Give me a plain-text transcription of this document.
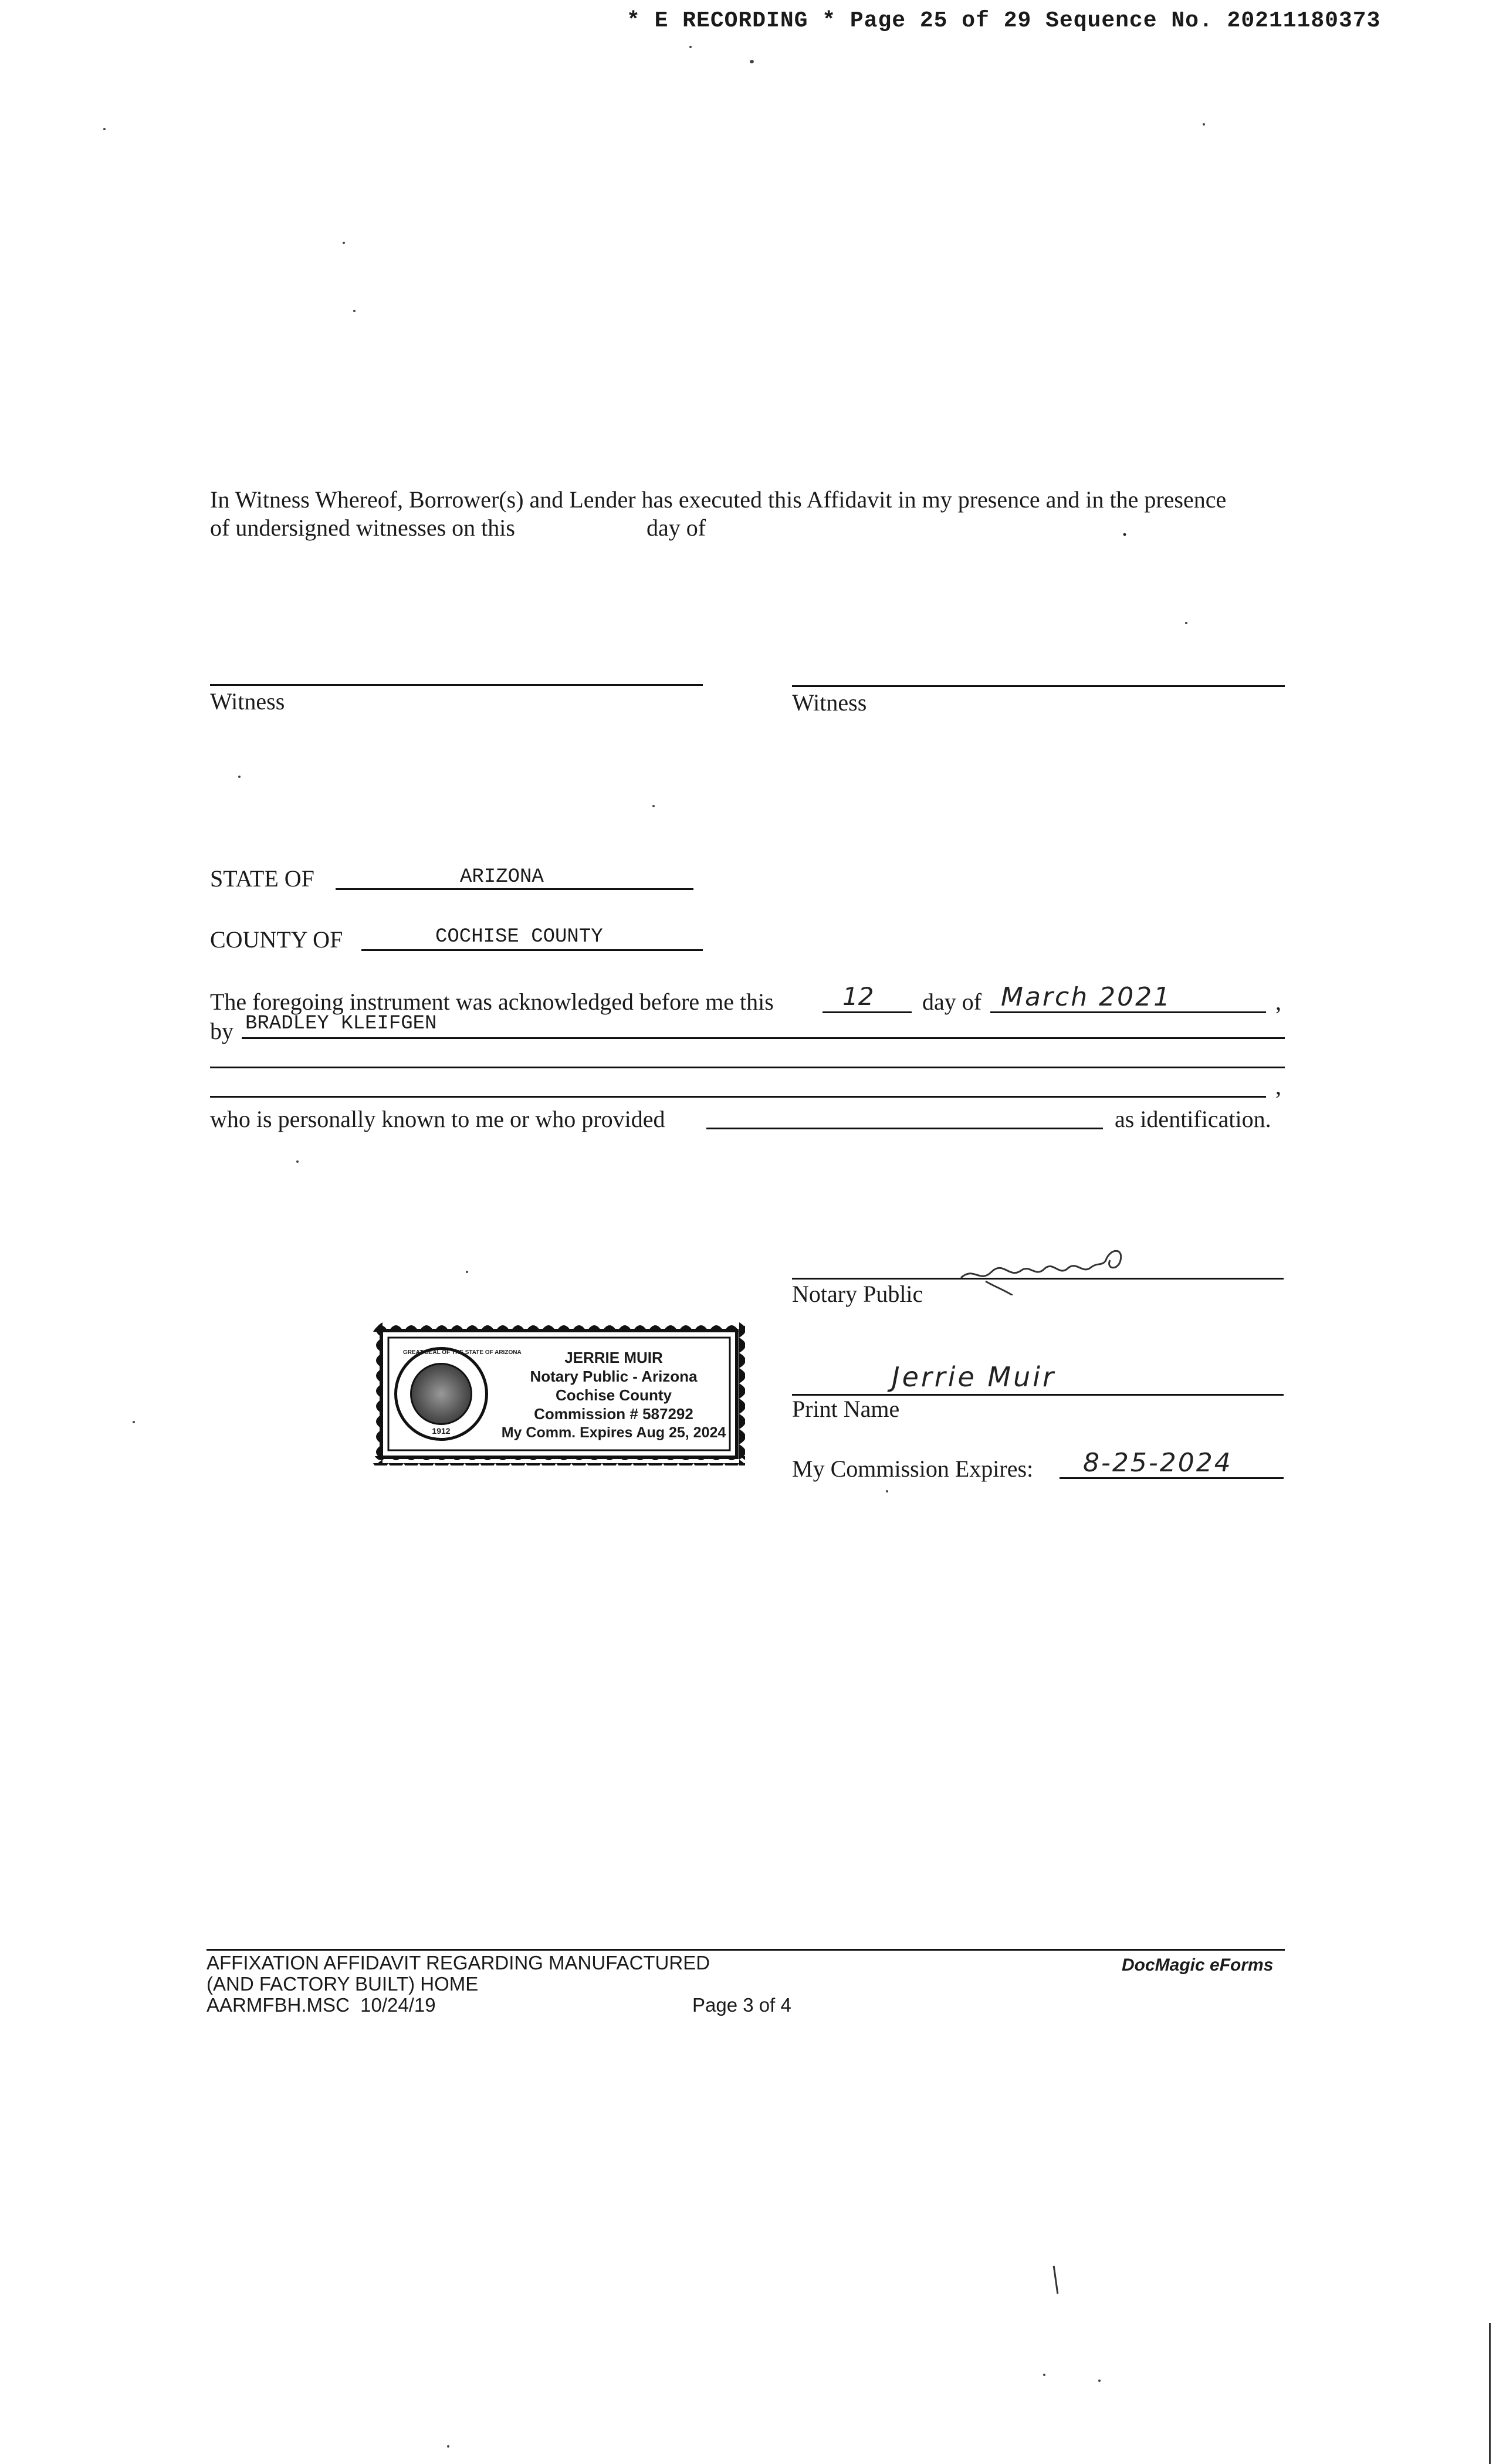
* E RECORDING * Page 25 of 29 Sequence No. 20211180373
In Witness Whereof, Borrower(s) and Lender has executed this Affidavit in my presence and in the presence
of undersigned witnesses on this	day of	.
Witness	Witness
STATE OF	ARIZONA
COUNTY OF	COCHISE COUNTY
The foregoing instrument was acknowledged before me this	12 day of March 2021	,
by BRADLEY KLEIFGEN
,
who is personally known to me or who provided	as identification.
Notary Public
Jerrie Muir
Print Name
My Commission Expires: 8-25-2024
GREAT SEAL OF THE STATE OF ARIZONA
1912
JERRIE MUIR
Notary Public - Arizona
Cochise County
Commission # 587292
My Comm. Expires Aug 25, 2024
AFFIXATION AFFIDAVIT REGARDING MANUFACTURED
(AND FACTORY BUILT) HOME
AARMFBH.MSC  10/24/19	Page 3 of 4
DocMagic eForms
